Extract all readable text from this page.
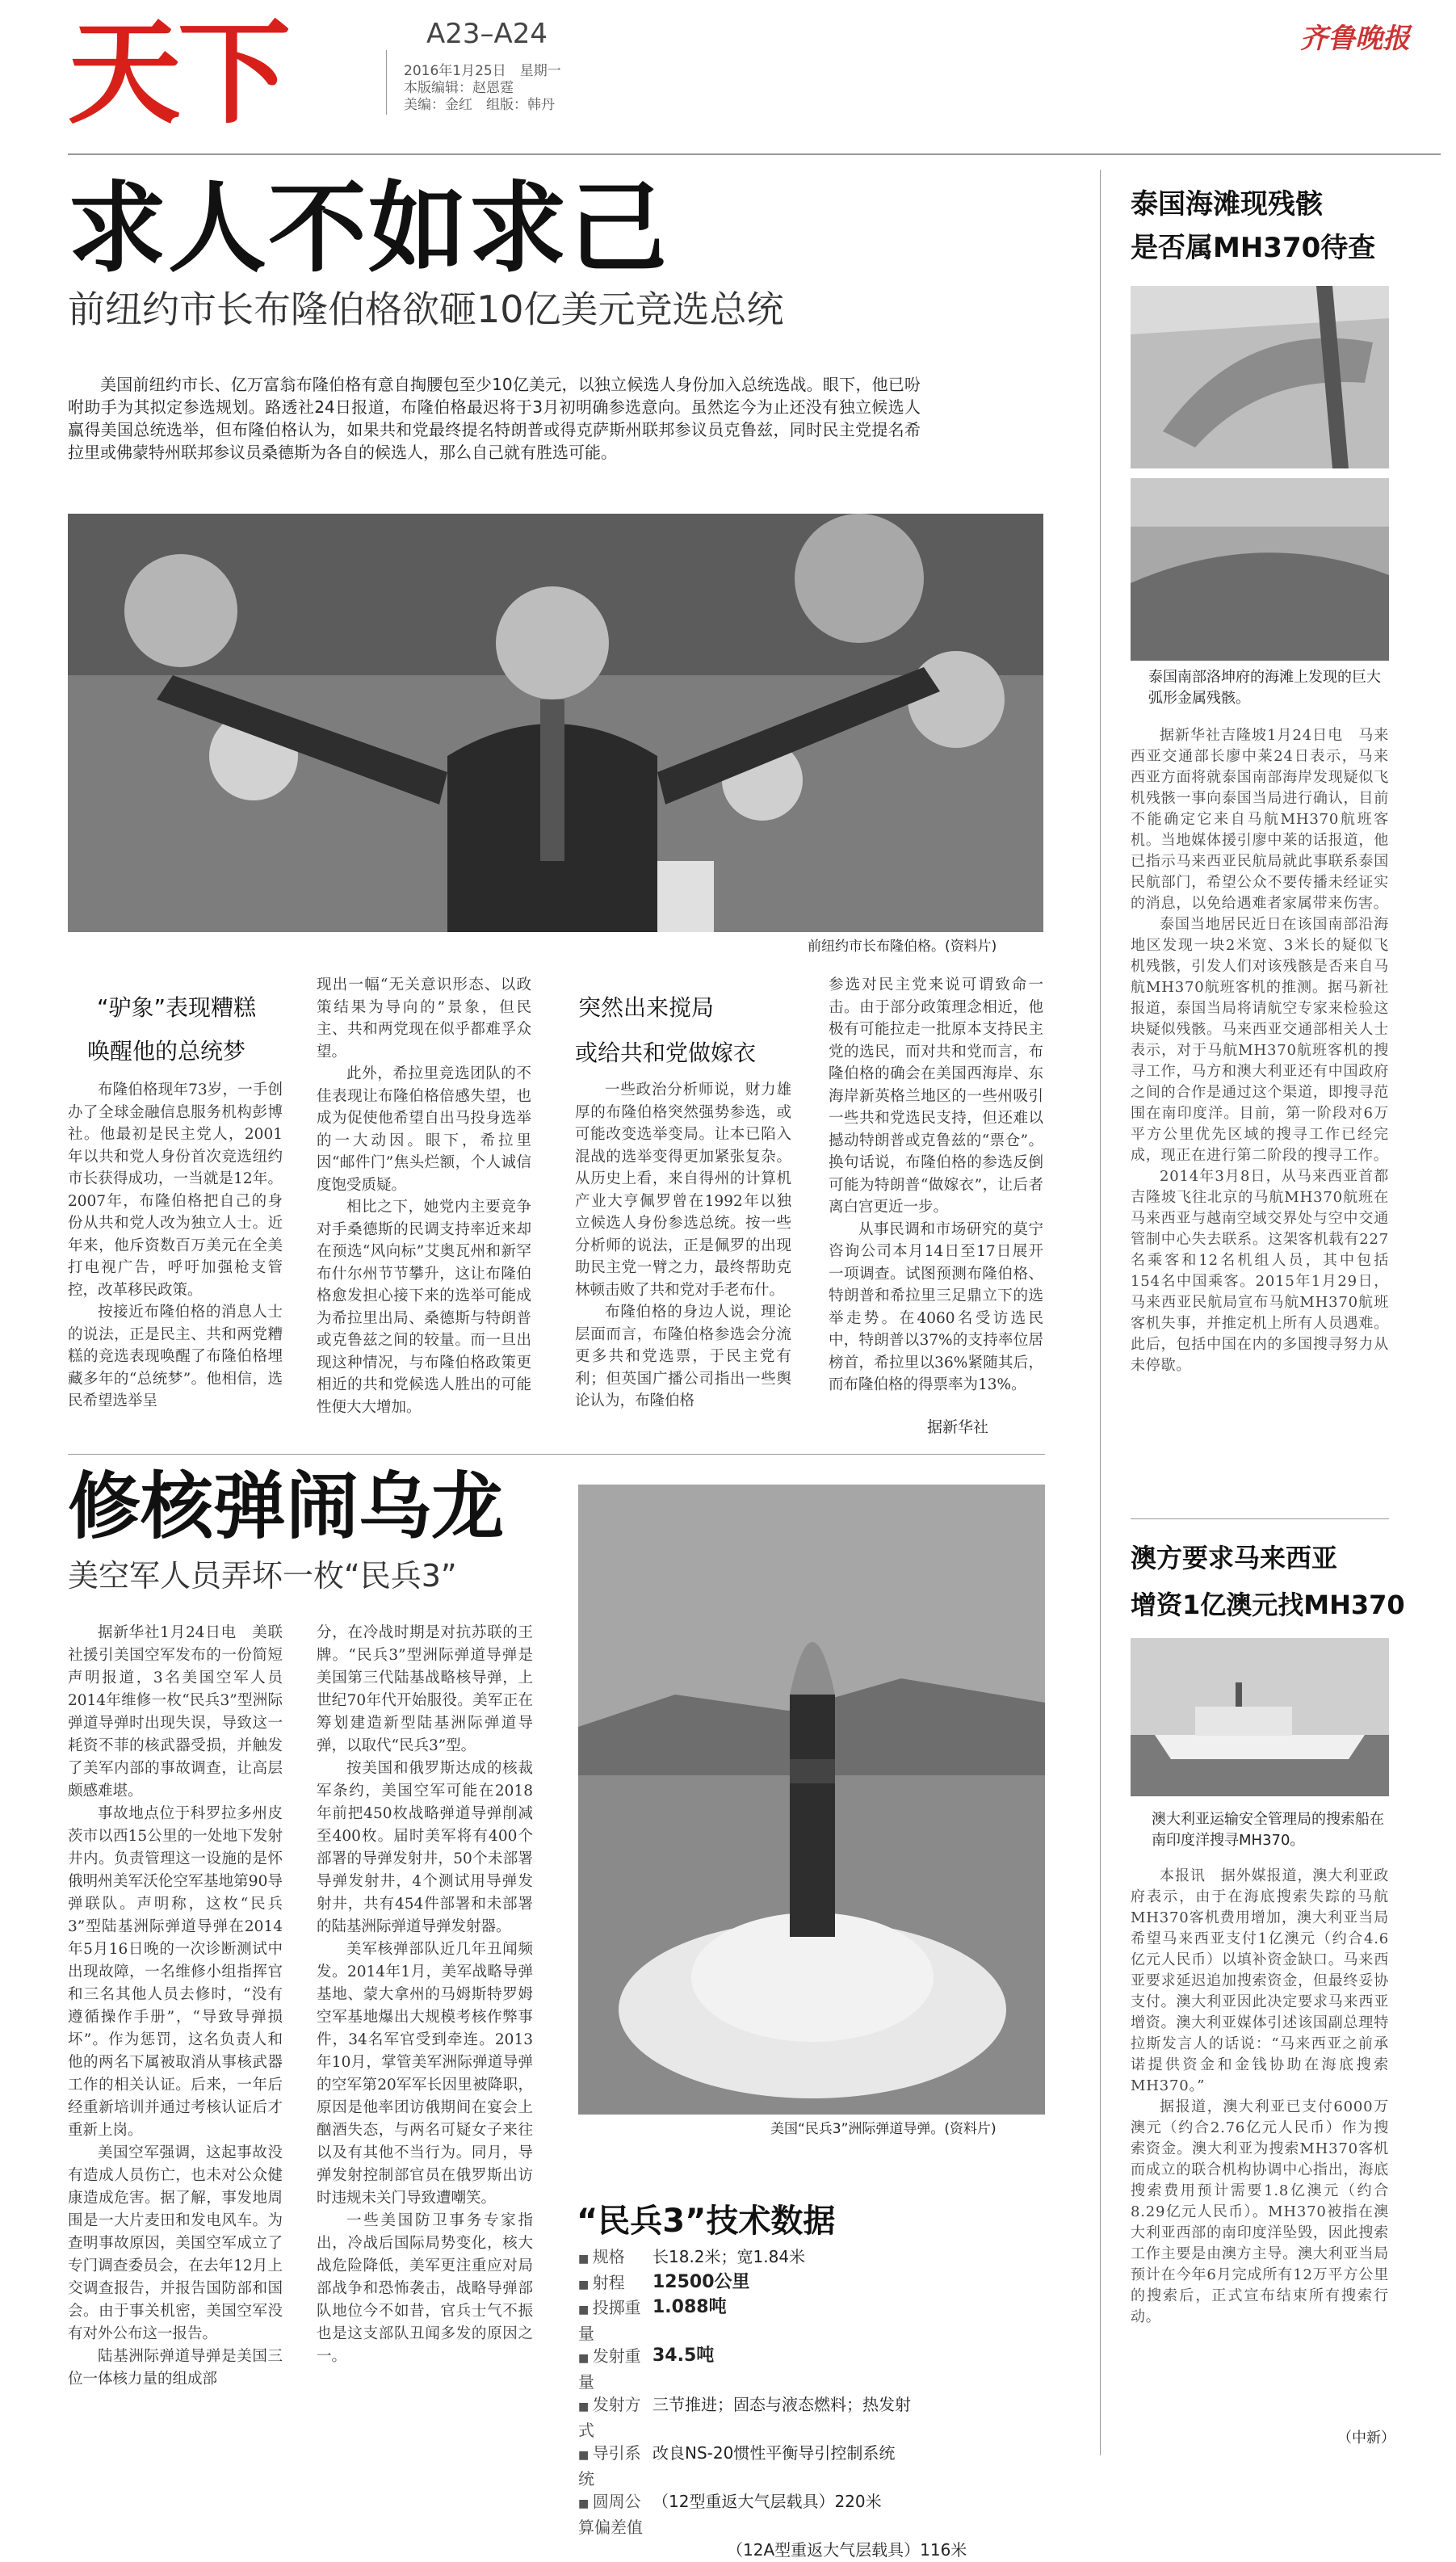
天下	A23–A24
2016年1月25日　星期一
本版编辑：赵恩霆
美编：金红　组版：韩丹
齐鲁晚报
求人不如求己
前纽约市长布隆伯格欲砸10亿美元竞选总统

美国前纽约市长、亿万富翁布隆伯格有意自掏腰包至少10亿美元，以独立候选人身份加入总统选战。眼下，他已吩咐助手为其拟定参选规划。路透社24日报道，布隆伯格最迟将于3月初明确参选意向。虽然迄今为止还没有独立候选人赢得美国总统选举，但布隆伯格认为，如果共和党最终提名特朗普或得克萨斯州联邦参议员克鲁兹，同时民主党提名希拉里或佛蒙特州联邦参议员桑德斯为各自的候选人，那么自己就有胜选可能。

前纽约市长布隆伯格。(资料片)
“驴象”表现糟糕
唤醒他的总统梦

布隆伯格现年73岁，一手创办了全球金融信息服务机构彭博社。他最初是民主党人，2001年以共和党人身份首次竞选纽约市长获得成功，一当就是12年。2007年，布隆伯格把自己的身份从共和党人改为独立人士。近年来，他斥资数百万美元在全美打电视广告，呼吁加强枪支管控，改革移民政策。

按接近布隆伯格的消息人士的说法，正是民主、共和两党糟糕的竞选表现唤醒了布隆伯格埋藏多年的“总统梦”。他相信，选民希望选举呈

现出一幅“无关意识形态、以政策结果为导向的”景象，但民主、共和两党现在似乎都难孚众望。

此外，希拉里竞选团队的不佳表现让布隆伯格倍感失望，也成为促使他希望自出马投身选举的一大动因。眼下，希拉里因“邮件门”焦头烂额，个人诚信度饱受质疑。

相比之下，她党内主要竞争对手桑德斯的民调支持率近来却在预选“风向标”艾奥瓦州和新罕布什尔州节节攀升，这让布隆伯格愈发担心接下来的选举可能成为希拉里出局、桑德斯与特朗普或克鲁兹之间的较量。而一旦出现这种情况，与布隆伯格政策更相近的共和党候选人胜出的可能性便大大增加。

突然出来搅局
或给共和党做嫁衣

一些政治分析师说，财力雄厚的布隆伯格突然强势参选，或可能改变选举变局。让本已陷入混战的选举变得更加紧张复杂。从历史上看，来自得州的计算机产业大亨佩罗曾在1992年以独立候选人身份参选总统。按一些分析师的说法，正是佩罗的出现助民主党一臂之力，最终帮助克林顿击败了共和党对手老布什。

布隆伯格的身边人说，理论层面而言，布隆伯格参选会分流更多共和党选票，于民主党有利；但英国广播公司指出一些舆论认为，布隆伯格

参选对民主党来说可谓致命一击。由于部分政策理念相近，他极有可能拉走一批原本支持民主党的选民，而对共和党而言，布隆伯格的确会在美国西海岸、东海岸新英格兰地区的一些州吸引一些共和党选民支持，但还难以撼动特朗普或克鲁兹的“票仓”。换句话说，布隆伯格的参选反倒可能为特朗普“做嫁衣”，让后者离白宫更近一步。

从事民调和市场研究的莫宁咨询公司本月14日至17日展开一项调查。试图预测布隆伯格、特朗普和希拉里三足鼎立下的选举走势。在4060名受访选民中，特朗普以37%的支持率位居榜首，希拉里以36%紧随其后，而布隆伯格的得票率为13%。

据新华社
修核弹闹乌龙
美空军人员弄坏一枚“民兵3”

据新华社1月24日电　美联社援引美国空军发布的一份简短声明报道，3名美国空军人员2014年维修一枚“民兵3”型洲际弹道导弹时出现失误，导致这一耗资不菲的核武器受损，并触发了美军内部的事故调查，让高层颇感难堪。

事故地点位于科罗拉多州皮茨市以西15公里的一处地下发射井内。负责管理这一设施的是怀俄明州美军沃伦空军基地第90导弹联队。声明称，这枚“民兵3”型陆基洲际弹道导弹在2014年5月16日晚的一次诊断测试中出现故障，一名维修小组指挥官和三名其他人员去修时，“没有遵循操作手册”，“导致导弹损坏”。作为惩罚，这名负责人和他的两名下属被取消从事核武器工作的相关认证。后来，一年后经重新培训并通过考核认证后才重新上岗。

美国空军强调，这起事故没有造成人员伤亡，也未对公众健康造成危害。据了解，事发地周围是一大片麦田和发电风车。为查明事故原因，美国空军成立了专门调查委员会，在去年12月上交调查报告，并报告国防部和国会。由于事关机密，美国空军没有对外公布这一报告。

陆基洲际弹道导弹是美国三位一体核力量的组成部

分，在冷战时期是对抗苏联的王牌。“民兵3”型洲际弹道导弹是美国第三代陆基战略核导弹，上世纪70年代开始服役。美军正在筹划建造新型陆基洲际弹道导弹，以取代“民兵3”型。

按美国和俄罗斯达成的核裁军条约，美国空军可能在2018年前把450枚战略弹道导弹削减至400枚。届时美军将有400个部署的导弹发射井，50个未部署导弹发射井，4个测试用导弹发射井，共有454件部署和未部署的陆基洲际弹道导弹发射器。

美军核弹部队近几年丑闻频发。2014年1月，美军战略导弹基地、蒙大拿州的马姆斯特罗姆空军基地爆出大规模考核作弊事件，34名军官受到牵连。2013年10月，掌管美军洲际弹道导弹的空军第20军军长因里被降职，原因是他率团访俄期间在宴会上酗酒失态，与两名可疑女子来往以及有其他不当行为。同月，导弹发射控制部官员在俄罗斯出访时违规未关门导致遭嘲笑。

一些美国防卫事务专家指出，冷战后国际局势变化，核大战危险降低，美军更注重应对局部战争和恐怖袭击，战略导弹部队地位今不如昔，官兵士气不振也是这支部队丑闻多发的原因之一。

美国“民兵3”洲际弹道导弹。(资料片)
“民兵3”技术数据
■ 规格	长18.2米；宽1.84米
■ 射程	12500公里
■ 投掷重量
1.088吨
■ 发射重量
34.5吨
■ 发射方式
三节推进；固态与液态燃料；热发射
■ 导引系统
改良NS-20惯性平衡导引控制系统
■ 圆周公算偏差值
（12型重返大气层载具）220米
（12A型重返大气层载具）116米
泰国海滩现残骸
是否属MH370待查
泰国南部洛坤府的海滩上发现的巨大弧形金属残骸。

据新华社吉隆坡1月24日电　马来西亚交通部长廖中莱24日表示，马来西亚方面将就泰国南部海岸发现疑似飞机残骸一事向泰国当局进行确认，目前不能确定它来自马航MH370航班客机。当地媒体援引廖中莱的话报道，他已指示马来西亚民航局就此事联系泰国民航部门，希望公众不要传播未经证实的消息，以免给遇难者家属带来伤害。

泰国当地居民近日在该国南部沿海地区发现一块2米宽、3米长的疑似飞机残骸，引发人们对该残骸是否来自马航MH370航班客机的推测。据马新社报道，泰国当局将请航空专家来检验这块疑似残骸。马来西亚交通部相关人士表示，对于马航MH370航班客机的搜寻工作，马方和澳大利亚还有中国政府之间的合作是通过这个渠道，即搜寻范围在南印度洋。目前，第一阶段对6万平方公里优先区域的搜寻工作已经完成，现正在进行第二阶段的搜寻工作。

2014年3月8日，从马来西亚首都吉隆坡飞往北京的马航MH370航班在马来西亚与越南空域交界处与空中交通管制中心失去联系。这架客机载有227名乘客和12名机组人员，其中包括154名中国乘客。2015年1月29日，马来西亚民航局宣布马航MH370航班客机失事，并推定机上所有人员遇难。此后，包括中国在内的多国搜寻努力从未停歇。

澳方要求马来西亚
增资1亿澳元找MH370
澳大利亚运输安全管理局的搜索船在南印度洋搜寻MH370。

本报讯　据外媒报道，澳大利亚政府表示，由于在海底搜索失踪的马航MH370客机费用增加，澳大利亚当局希望马来西亚支付1亿澳元（约合4.6亿元人民币）以填补资金缺口。马来西亚要求延迟追加搜索资金，但最终妥协支付。澳大利亚因此决定要求马来西亚增资。澳大利亚媒体引述该国副总理特拉斯发言人的话说：“马来西亚之前承诺提供资金和金钱协助在海底搜索MH370。”

据报道，澳大利亚已支付6000万澳元（约合2.76亿元人民币）作为搜索资金。澳大利亚为搜索MH370客机而成立的联合机构协调中心指出，海底搜索费用预计需要1.8亿澳元（约合8.29亿元人民币）。MH370被指在澳大利亚西部的南印度洋坠毁，因此搜索工作主要是由澳方主导。澳大利亚当局预计在今年6月完成所有12万平方公里的搜索后，正式宣布结束所有搜索行动。

（中新）
